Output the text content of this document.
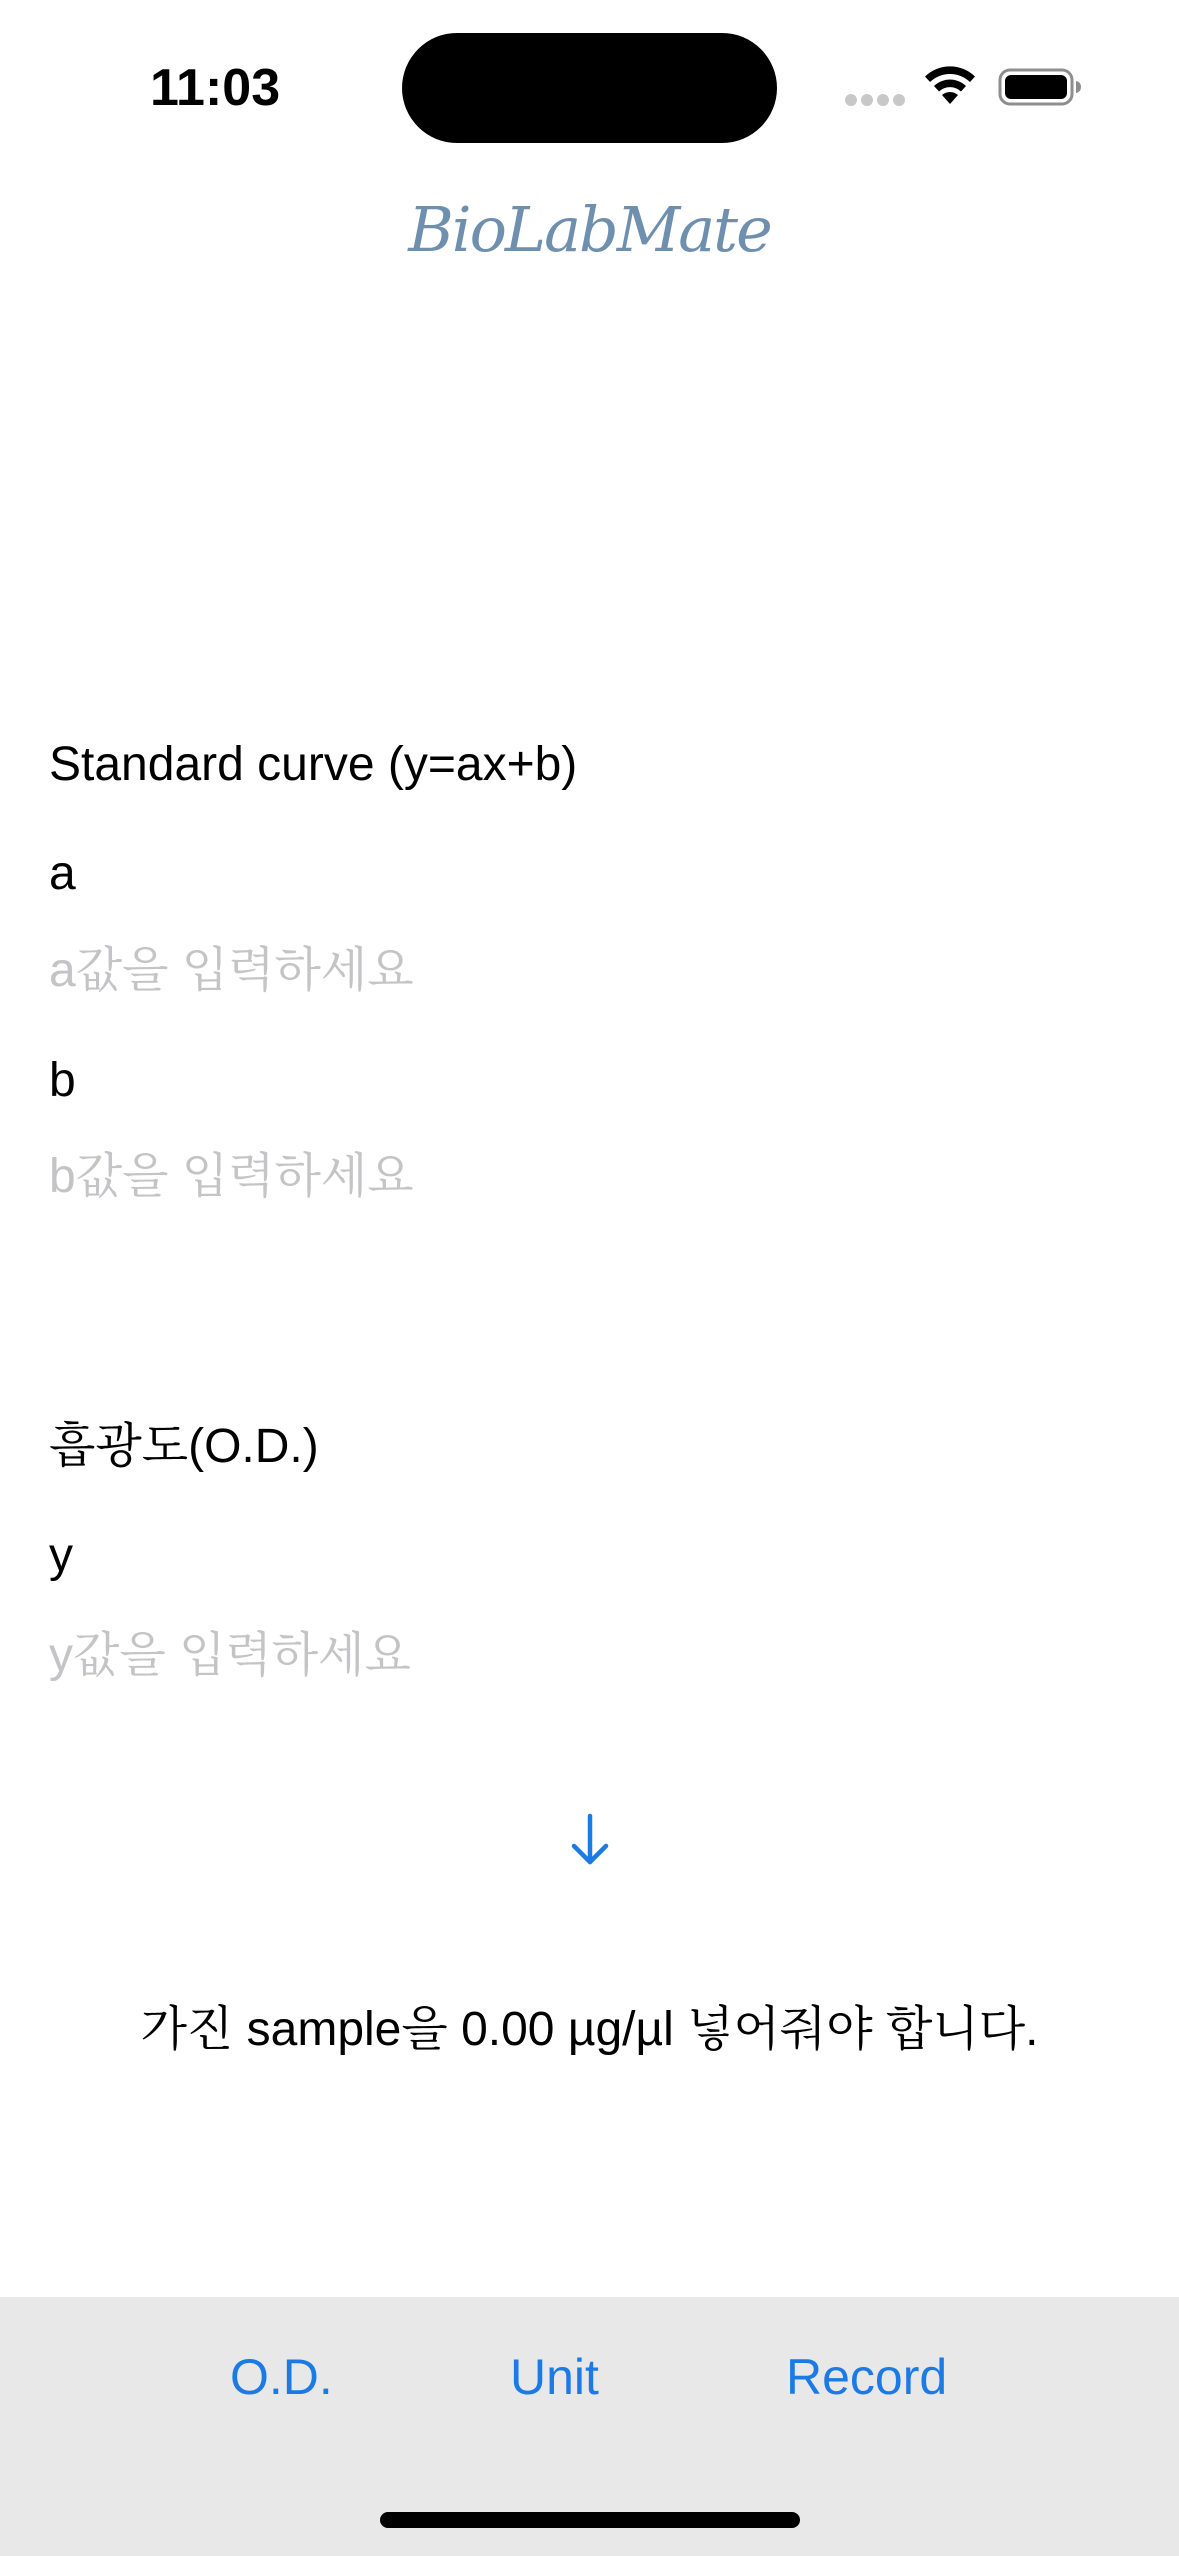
11:03
BioLabMate
Standard curve (y=ax+b)
a
a값을 입력하세요
b
b값을 입력하세요
흡광도(O.D.)
y
y값을 입력하세요
가진 sample을 0.00 µg/µl 넣어줘야 합니다.
O.D.	Unit	Record
